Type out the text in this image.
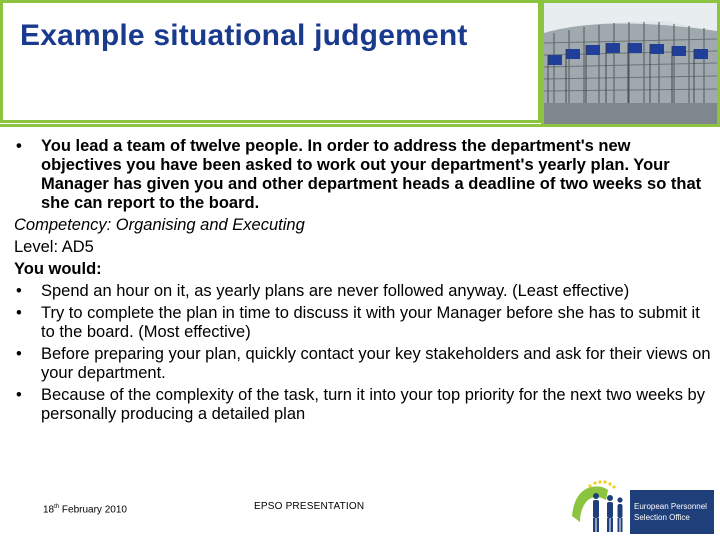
Example situational judgement

• You lead a team of twelve people. In order to address the department's new objectives you have been asked to work out your department's yearly plan. Your Manager has given you and other department heads a deadline of two weeks so that she can report to the board.

Competency: Organising and Executing

Level: AD5

You would:

• Spend an hour on it, as yearly plans are never followed anyway. (Least effective)

• Try to complete the plan in time to discuss it with your Manager before she has to submit it to the board. (Most effective)

• Before preparing your plan, quickly contact your key stakeholders and ask for their views on your department.

• Because of the complexity of the task, turn it into your top priority for the next two weeks by personally producing a detailed plan

18th February 2010	EPSO PRESENTATION	European Personnel
Selection Office
